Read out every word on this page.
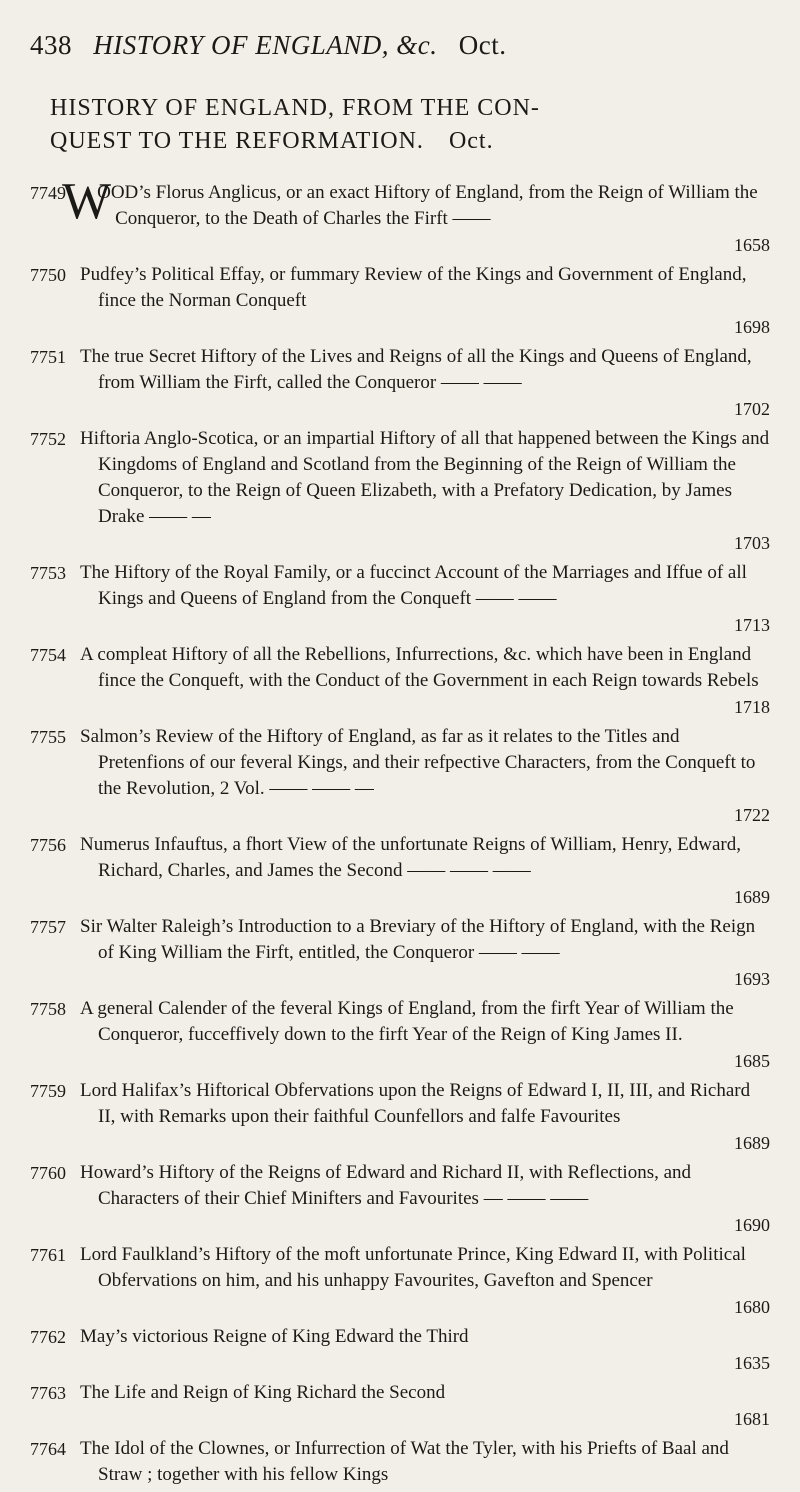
438 HISTORY OF ENGLAND, &c. Oct.
HISTORY OF ENGLAND, FROM THE CON-
QUEST TO THE REFORMATION. Oct.
7749
W
OOD’s Florus Anglicus, or an exact Hiftory of England, from the Reign of William the Conqueror, to the Death of Charles the Firft ——
1658
7750 Pudfey’s Political Effay, or fummary Review of the Kings and Government of England, fince the Norman Conqueft
1698
7751 The true Secret Hiftory of the Lives and Reigns of all the Kings and Queens of England, from William the Firft, called the Conqueror —— ——
1702
7752 Hiftoria Anglo-Scotica, or an impartial Hiftory of all that happened between the Kings and Kingdoms of England and Scotland from the Beginning of the Reign of William the Conqueror, to the Reign of Queen Elizabeth, with a Prefatory Dedication, by James Drake —— —
1703
7753 The Hiftory of the Royal Family, or a fuccinct Account of the Marriages and Iffue of all Kings and Queens of England from the Conqueft —— ——
1713
7754 A compleat Hiftory of all the Rebellions, Infurrections, &c. which have been in England fince the Conqueft, with the Conduct of the Government in each Reign towards Rebels
1718
7755 Salmon’s Review of the Hiftory of England, as far as it relates to the Titles and Pretenfions of our feveral Kings, and their refpective Characters, from the Conqueft to the Revolution, 2 Vol. —— —— —
1722
7756 Numerus Infauftus, a fhort View of the unfortunate Reigns of William, Henry, Edward, Richard, Charles, and James the Second —— —— ——
1689
7757 Sir Walter Raleigh’s Introduction to a Breviary of the Hiftory of England, with the Reign of King William the Firft, entitled, the Conqueror —— ——
1693
7758 A general Calender of the feveral Kings of England, from the firft Year of William the Conqueror, fucceffively down to the firft Year of the Reign of King James II.
1685
7759 Lord Halifax’s Hiftorical Obfervations upon the Reigns of Edward I, II, III, and Richard II, with Remarks upon their faithful Counfellors and falfe Favourites
1689
7760 Howard’s Hiftory of the Reigns of Edward and Richard II, with Reflections, and Characters of their Chief Minifters and Favourites — —— ——
1690
7761 Lord Faulkland’s Hiftory of the moft unfortunate Prince, King Edward II, with Political Obfervations on him, and his unhappy Favourites, Gavefton and Spencer
1680
7762 May’s victorious Reigne of King Edward the Third
1635
7763 The Life and Reign of King Richard the Second
1681
7764 The Idol of the Clownes, or Infurrection of Wat the Tyler, with his Priefts of Baal and Straw ; together with his fellow Kings
